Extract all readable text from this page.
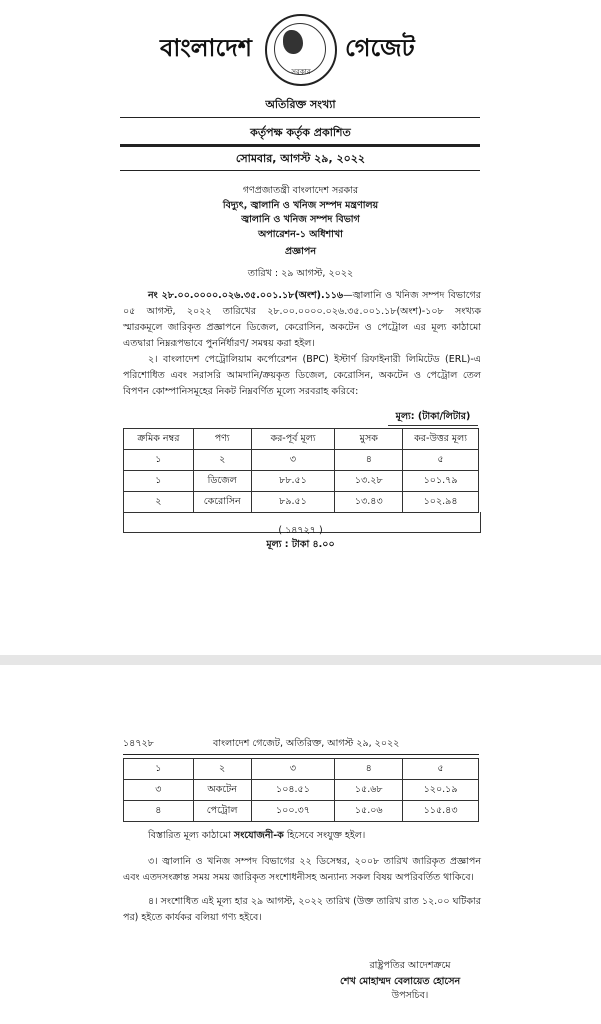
বাংলাদেশ
সরকার
গেজেট
অতিরিক্ত সংখ্যা
কর্তৃপক্ষ কর্তৃক প্রকাশিত
সোমবার, আগস্ট ২৯, ২০২২
গণপ্রজাতন্ত্রী বাংলাদেশ সরকার
বিদ্যুৎ, জ্বালানি ও খনিজ সম্পদ মন্ত্রণালয়
জ্বালানি ও খনিজ সম্পদ বিভাগ
অপারেশন-১ অধিশাখা
প্রজ্ঞাপন
তারিখ : ২৯ আগস্ট, ২০২২
নং ২৮.০০.০০০০.০২৬.৩৫.০০১.১৮(অংশ).১১৬—জ্বালানি ও খনিজ সম্পদ বিভাগের ০৫ আগস্ট, ২০২২ তারিখের ২৮.০০.০০০০.০২৬.৩৫.০০১.১৮(অংশ)-১০৮ সংখ্যক স্মারকমূলে জারিকৃত প্রজ্ঞাপনে ডিজেল, কেরোসিন, অকটেন ও পেট্রোল এর মূল্য কাঠামো এতদ্বারা নিম্নরূপভাবে পুনর্নির্ধারণ/ সমন্বয় করা হইল।
২। বাংলাদেশ পেট্রোলিয়াম কর্পোরেশন (BPC) ইস্টার্ণ রিফাইনারী লিমিটেড (ERL)-এ পরিশোধিত এবং সরাসরি আমদানি/ক্রয়কৃত ডিজেল, কেরোসিন, অকটেন ও পেট্রোল তেল বিপণন কোম্পানিসমূহের নিকট নিম্নবর্ণিত মূল্যে সরবরাহ করিবে:
মূল্য: (টাকা/লিটার)
ক্রমিক নম্বর	পণ্য	কর-পূর্ব মূল্য	মুসক	কর-উত্তর মূল্য
১	২	৩	৪	৫
১	ডিজেল	৮৮.৫১	১৩.২৮	১০১.৭৯
২	কেরোসিন	৮৯.৫১	১৩.৪৩	১০২.৯৪
( ১৪৭২৭ )
মূল্য : টাকা ৪.০০
১৪৭২৮	বাংলাদেশ গেজেট, অতিরিক্ত, আগস্ট ২৯, ২০২২
১	২	৩	৪	৫
৩	অকটেন	১০৪.৫১	১৫.৬৮	১২০.১৯
৪	পেট্রোল	১০০.৩৭	১৫.০৬	১১৫.৪৩
বিস্তারিত মূল্য কাঠামো সংযোজনী-ক হিসেবে সংযুক্ত হইল।
৩। জ্বালানি ও খনিজ সম্পদ বিভাগের ২২ ডিসেম্বর, ২০০৮ তারিখ জারিকৃত প্রজ্ঞাপন এবং এতদসংক্রান্ত সময় সময় জারিকৃত সংশোধনীসহ অন্যান্য সকল বিষয় অপরিবর্তিত থাকিবে।
৪। সংশোধিত এই মূল্য হার ২৯ আগস্ট, ২০২২ তারিখ (উক্ত তারিখ রাত ১২.০০ ঘটিকার পর) হইতে কার্যকর বলিয়া গণ্য হইবে।
রাষ্ট্রপতির আদেশক্রমে
শেখ মোহাম্মদ বেলায়েত হোসেন
উপসচিব।
